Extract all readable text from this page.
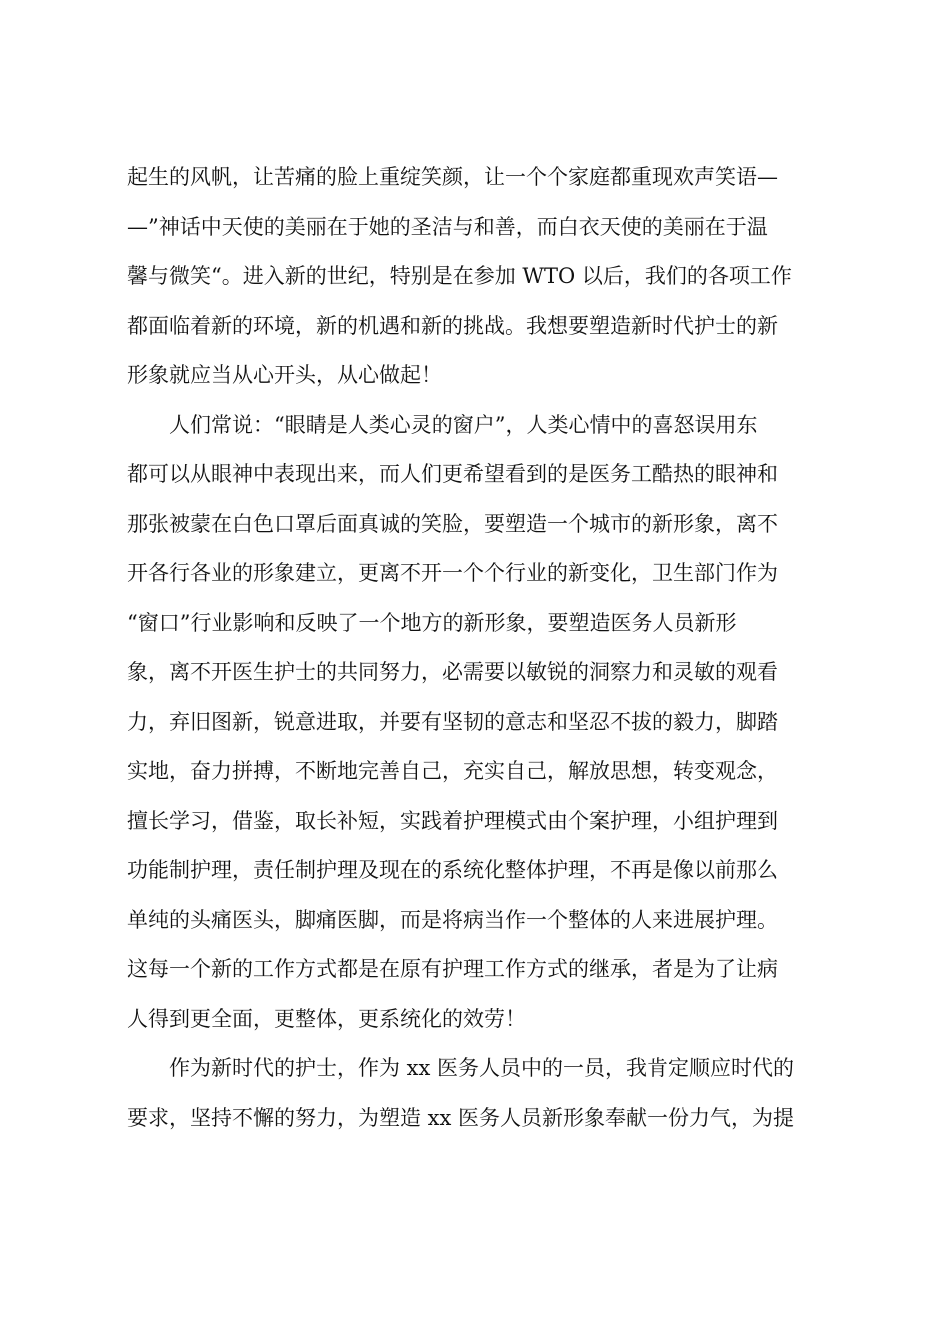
起生的风帆，让苦痛的脸上重绽笑颜，让一个个家庭都重现欢声笑语—
—”神话中天使的美丽在于她的圣洁与和善，而白衣天使的美丽在于温
馨与微笑“。进入新的世纪，特别是在参加 WTO 以后，我们的各项工作
都面临着新的环境，新的机遇和新的挑战。我想要塑造新时代护士的新
形象就应当从心开头，从心做起！
人们常说：“眼睛是人类心灵的窗户”，人类心情中的喜怒误用东
都可以从眼神中表现出来，而人们更希望看到的是医务工酷热的眼神和
那张被蒙在白色口罩后面真诚的笑脸，要塑造一个城市的新形象，离不
开各行各业的形象建立，更离不开一个个行业的新变化，卫生部门作为
“窗口”行业影响和反映了一个地方的新形象，要塑造医务人员新形
象，离不开医生护士的共同努力，必需要以敏锐的洞察力和灵敏的观看
力，弃旧图新，锐意进取，并要有坚韧的意志和坚忍不拔的毅力，脚踏
实地，奋力拼搏，不断地完善自己，充实自己，解放思想，转变观念，
擅长学习，借鉴，取长补短，实践着护理模式由个案护理，小组护理到
功能制护理，责任制护理及现在的系统化整体护理，不再是像以前那么
单纯的头痛医头，脚痛医脚，而是将病当作一个整体的人来进展护理。
这每一个新的工作方式都是在原有护理工作方式的继承，者是为了让病
人得到更全面，更整体，更系统化的效劳！
作为新时代的护士，作为 xx 医务人员中的一员，我肯定顺应时代的
要求，坚持不懈的努力，为塑造 xx 医务人员新形象奉献一份力气，为提
